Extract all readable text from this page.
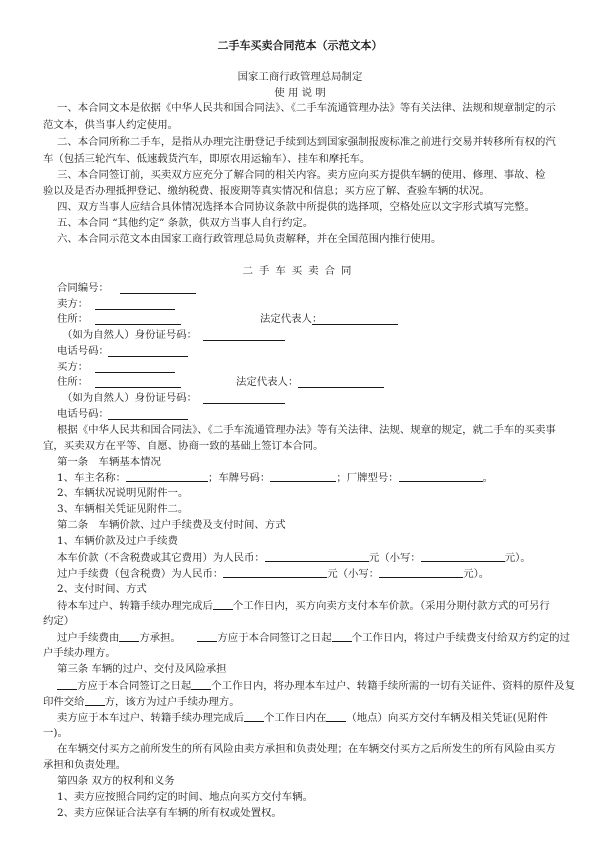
二手车买卖合同范本（示范文本）
国家工商行政管理总局制定
使 用 说 明
一、本合同文本是依据《中华人民共和国合同法》、《二手车流通管理办法》等有关法律、法规和规章制定的示
范文本，供当事人约定使用。
二、本合同所称二手车，是指从办理完注册登记手续到达到国家强制报废标准之前进行交易并转移所有权的汽
车（包括三轮汽车、低速载货汽车，即原农用运输车）、挂车和摩托车。
三、本合同签订前，买卖双方应充分了解合同的相关内容。卖方应向买方提供车辆的使用、修理、事故、检
验以及是否办理抵押登记、缴纳税费、报废期等真实情况和信息；买方应了解、查验车辆的状况。
四、双方当事人应结合具体情况选择本合同协议条款中所提供的选择项，空格处应以文字形式填写完整。
五、本合同 “其他约定” 条款，供双方当事人自行约定。
六、本合同示范文本由国家工商行政管理总局负责解释，并在全国范围内推行使用。
二手车买卖合同
合同编号：
卖方：
住所：	法定代表人：
（如为自然人）身份证号码：
电话号码：
买方：
住所：	法定代表人：
（如为自然人）身份证号码：
电话号码：
根据《中华人民共和国合同法》、《二手车流通管理办法》等有关法律、法规、规章的规定，就二手车的买卖事
宜，买卖双方在平等、自愿、协商一致的基础上签订本合同。
第一条　车辆基本情况
1、车主名称：	；车牌号码：	；厂牌型号：	。
2、车辆状况说明见附件一。
3、车辆相关凭证见附件二。
第二条　车辆价款、过户手续费及支付时间、方式
1、车辆价款及过户手续费
本车价款（不含税费或其它费用）为人民币：	元（小写：	元）。
过户手续费（包含税费）为人民币：	元（小写：	元）。
2、支付时间、方式
待本车过户、转籍手续办理完成后 个工作日内，买方向卖方支付本车价款。（采用分期付款方式的可另行
约定）
过户手续费由 方承担。	方应于本合同签订之日起 个工作日内，将过户手续费支付给双方约定的过
户手续办理方。
第三条 车辆的过户、交付及风险承担
方应于本合同签订之日起 个工作日内，将办理本车过户、转籍手续所需的一切有关证件、资料的原件及复
印件交给 方，该方为过户手续办理方。
卖方应于本车过户、转籍手续办理完成后 个工作日内在 （地点）向买方交付车辆及相关凭证(见附件
一)。
在车辆交付买方之前所发生的所有风险由卖方承担和负责处理；在车辆交付买方之后所发生的所有风险由买方
承担和负责处理。
第四条 双方的权利和义务
1、卖方应按照合同约定的时间、地点向买方交付车辆。
2、卖方应保证合法享有车辆的所有权或处置权。
